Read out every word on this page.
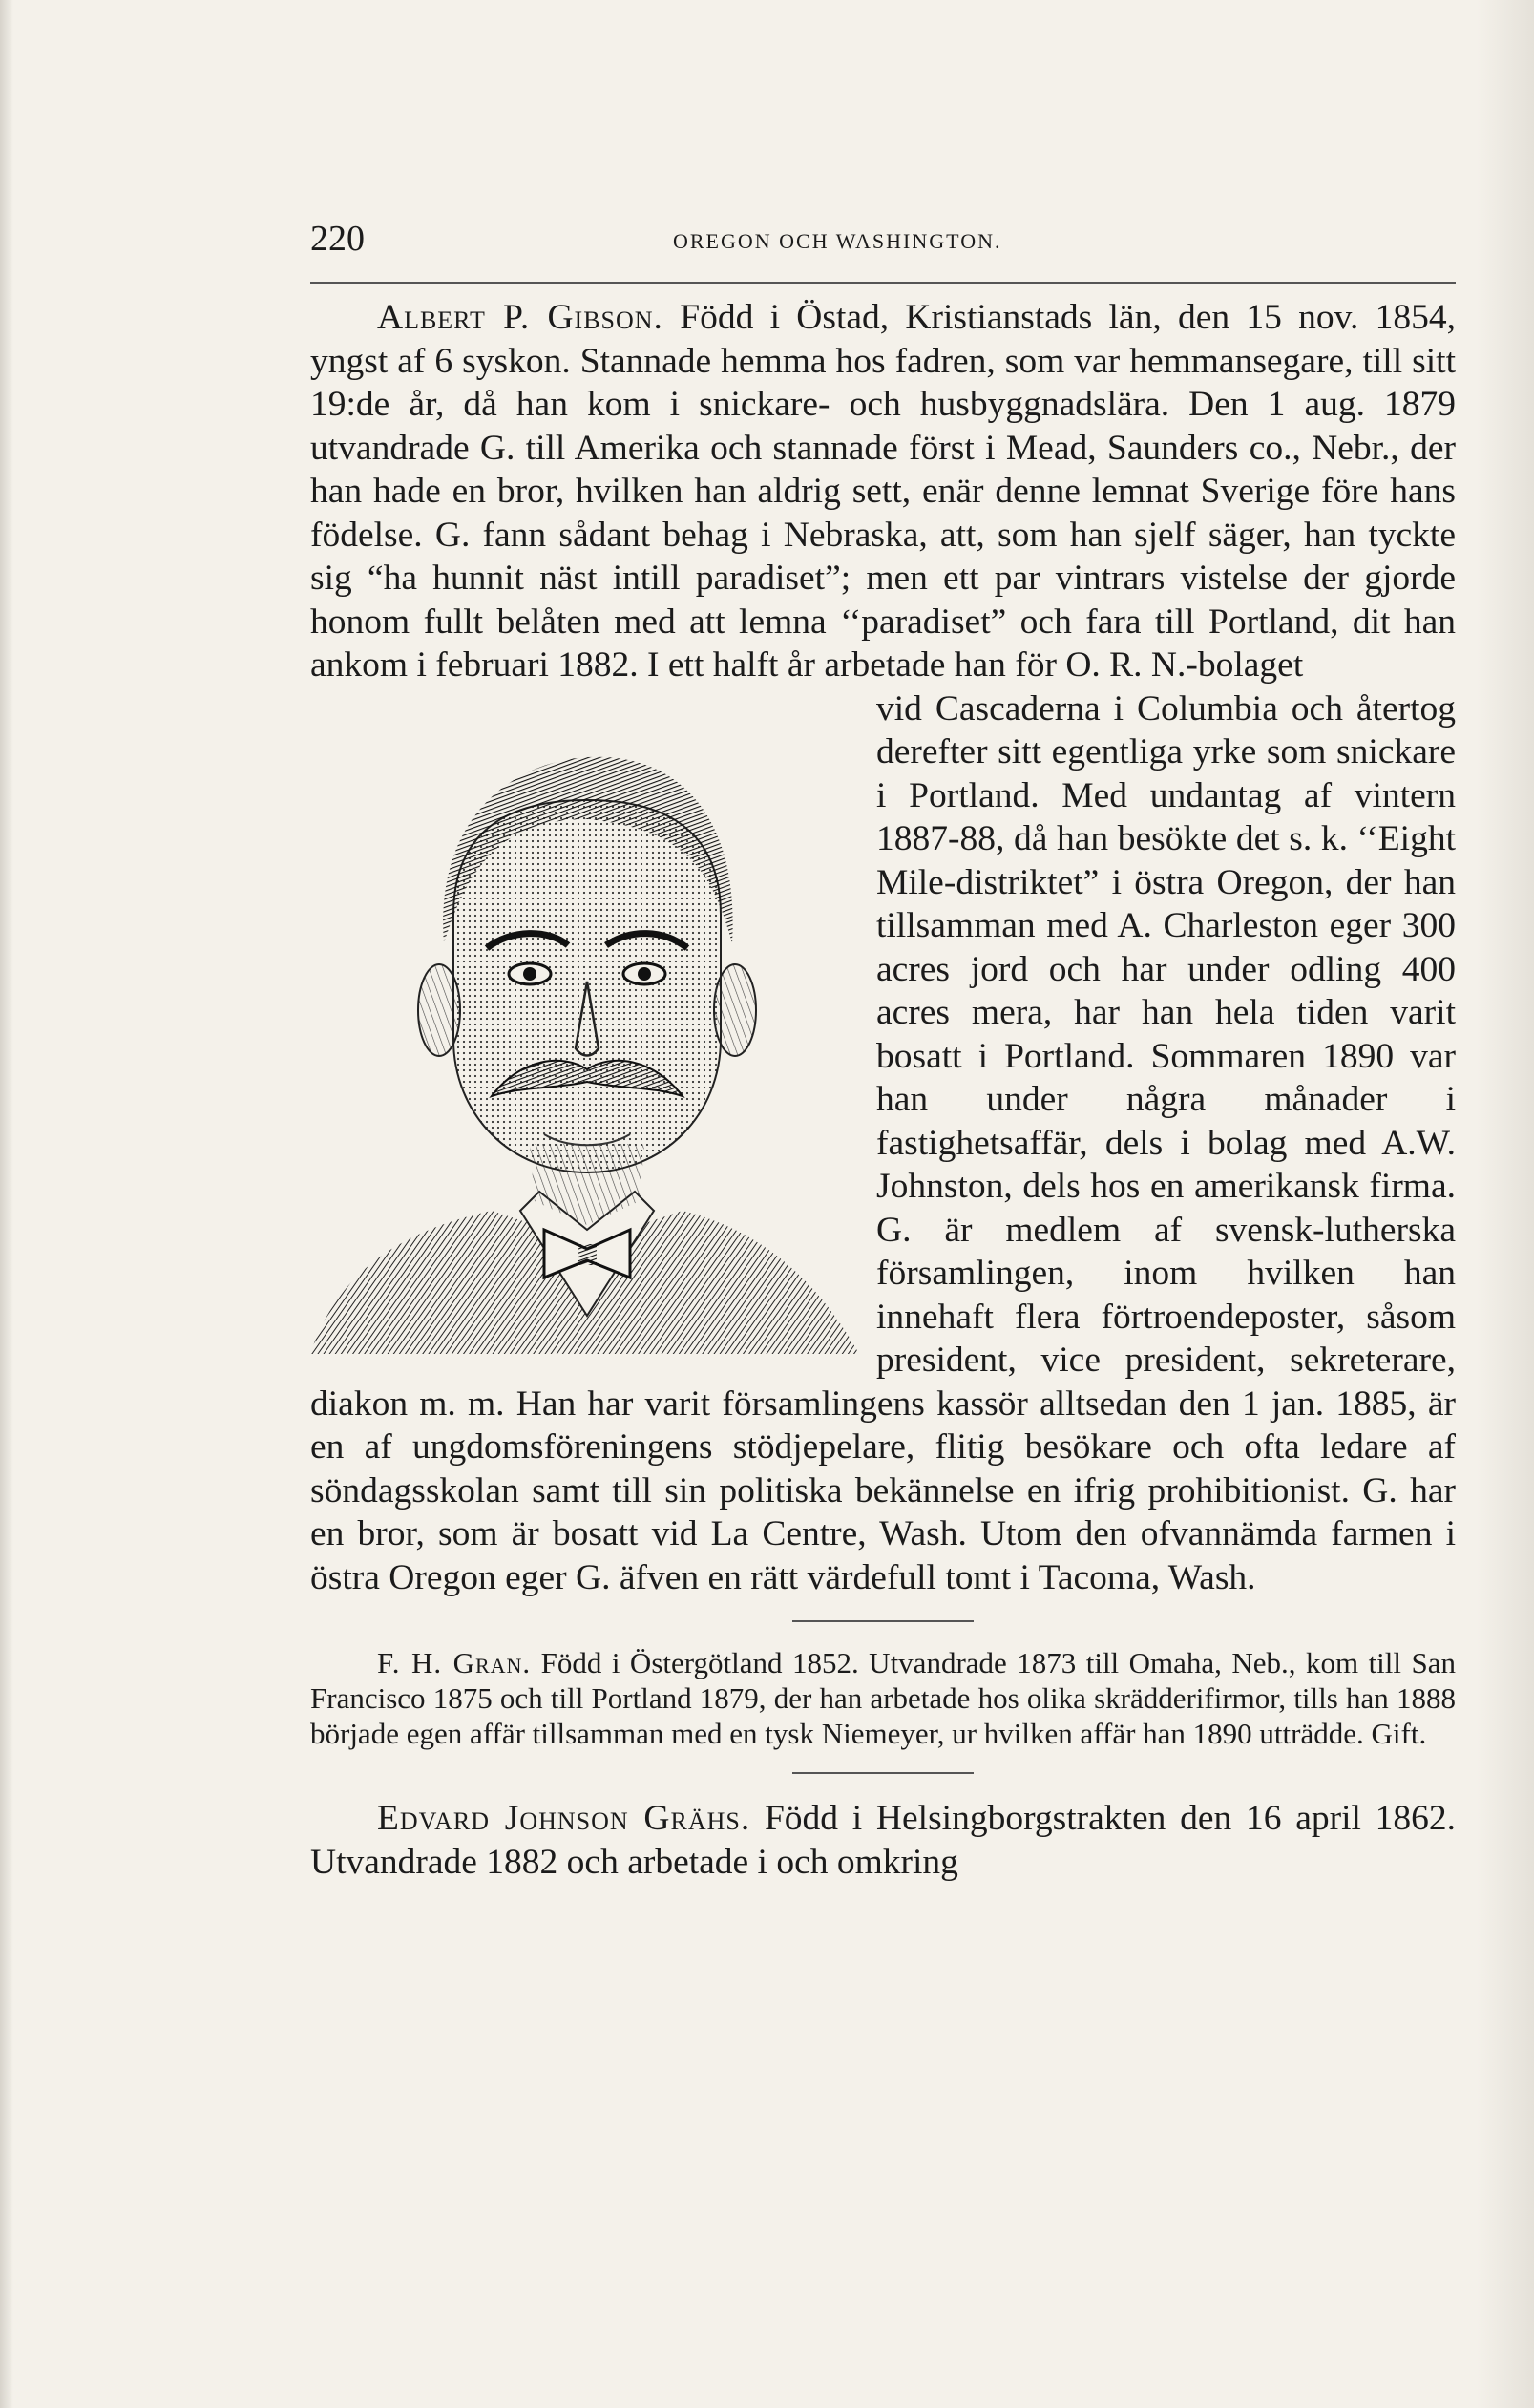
220	OREGON OCH WASHINGTON.

Albert P. Gibson. Född i Östad, Kristianstads län, den 15 nov. 1854, yngst af 6 syskon. Stannade hemma hos fadren, som var hemmansegare, till sitt 19:de år, då han kom i snickare- och husbyggnadslära. Den 1 aug. 1879 utvandrade G. till Amerika och stannade först i Mead, Saunders co., Nebr., der han hade en bror, hvilken han aldrig sett, enär denne lemnat Sverige före hans födelse. G. fann sådant behag i Nebraska, att, som han sjelf säger, han tyckte sig “ha hunnit näst intill paradiset”; men ett par vintrars vistelse der gjorde honom fullt belåten med att lemna ‘‘paradiset” och fara till Portland, dit han ankom i februari 1882. I ett halft år arbetade han för O. R. N.-bolaget

vid Cascaderna i Columbia och återtog derefter sitt egentliga yrke som snickare i Portland. Med undantag af vintern 1887-88, då han besökte det s. k. ‘‘Eight Mile-distriktet” i östra Oregon, der han tillsamman med A. Charleston eger 300 acres jord och har under odling 400 acres mera, har han hela tiden varit bosatt i Portland. Sommaren 1890 var han under några månader i fastighetsaffär, dels i bolag med A.W. Johnston, dels hos en amerikansk firma. G. är medlem af svensk-lutherska församlingen, inom hvilken han innehaft flera förtroendeposter, såsom president, vice president, sekreterare, diakon m. m. Han har varit församlingens kassör alltsedan den 1 jan. 1885, är en af ungdomsföreningens stödjepelare, flitig besökare och ofta ledare af söndagsskolan samt till sin politiska bekännelse en ifrig prohibitionist. G. har en bror, som är bosatt vid La Centre, Wash. Utom den ofvannämda farmen i östra Oregon eger G. äfven en rätt värdefull tomt i Tacoma, Wash.

F. H. Gran. Född i Östergötland 1852. Utvandrade 1873 till Omaha, Neb., kom till San Francisco 1875 och till Portland 1879, der han arbetade hos olika skrädderifirmor, tills han 1888 började egen affär tillsamman med en tysk Niemeyer, ur hvilken affär han 1890 utträdde. Gift.

Edvard Johnson Grähs. Född i Helsingborgstrakten den 16 april 1862. Utvandrade 1882 och arbetade i och omkring
